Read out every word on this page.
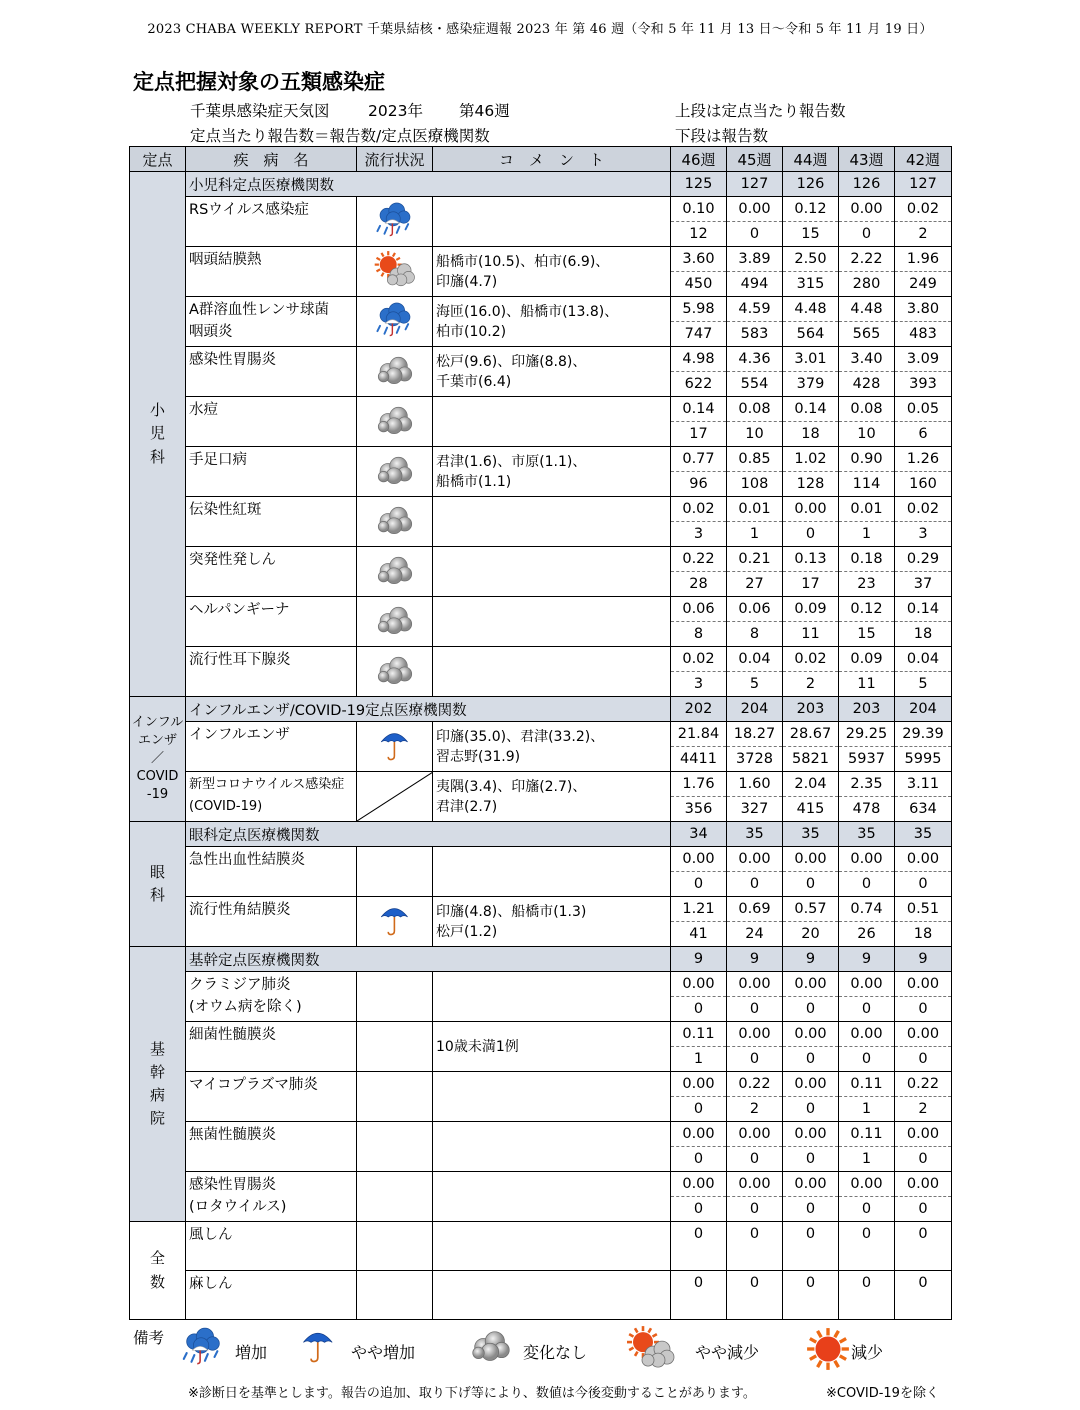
2023 CHABA WEEKLY REPORT 千葉県結核・感染症週報 2023 年 第 46 週（令和 5 年 11 月 13 日～令和 5 年 11 月 19 日）
定点把握対象の五類感染症
千葉県感染症天気図 2023年 第46週	上段は定点当たり報告数
定点当たり報告数＝報告数/定点医療機関数	下段は報告数
定点	疾　病　名	流行状況	コ　メ　ン　ト	46週	45週	44週	43週	42週
小
児
科	小児科定点医療機関数			125	127	126	126	127
	RSウイルス感染症			0.10	0.00	0.12	0.00	0.02
				12	0	15	0	2
	咽頭結膜熱		船橋市(10.5)、柏市(6.9)、
印旛(4.7)	3.60	3.89	2.50	2.22	1.96
				450	494	315	280	249
	A群溶血性レンサ球菌
咽頭炎		海匝(16.0)、船橋市(13.8)、
柏市(10.2)	5.98	4.59	4.48	4.48	3.80
				747	583	564	565	483
	感染性胃腸炎		松戸(9.6)、印旛(8.8)、
千葉市(6.4)	4.98	4.36	3.01	3.40	3.09
				622	554	379	428	393
	水痘			0.14	0.08	0.14	0.08	0.05
				17	10	18	10	6
	手足口病		君津(1.6)、市原(1.1)、
船橋市(1.1)	0.77	0.85	1.02	0.90	1.26
				96	108	128	114	160
	伝染性紅斑			0.02	0.01	0.00	0.01	0.02
				3	1	0	1	3
	突発性発しん			0.22	0.21	0.13	0.18	0.29
				28	27	17	23	37
	ヘルパンギーナ			0.06	0.06	0.09	0.12	0.14
				8	8	11	15	18
	流行性耳下腺炎			0.02	0.04	0.02	0.09	0.04
				3	5	2	11	5
インフル
エンザ
／
COVID
-19	インフルエンザ/COVID-19定点医療機関数			202	204	203	203	204
	インフルエンザ		印旛(35.0)、君津(33.2)、
習志野(31.9)	21.84	18.27	28.67	29.25	29.39
				4411	3728	5821	5937	5995
	新型コロナウイルス感染症
(COVID-19)		夷隅(3.4)、印旛(2.7)、
君津(2.7)	1.76	1.60	2.04	2.35	3.11
				356	327	415	478	634
眼
科	眼科定点医療機関数			34	35	35	35	35
	急性出血性結膜炎			0.00	0.00	0.00	0.00	0.00
				0	0	0	0	0
	流行性角結膜炎		印旛(4.8)、船橋市(1.3)
松戸(1.2)	1.21	0.69	0.57	0.74	0.51
				41	24	20	26	18
基
幹
病
院	基幹定点医療機関数			9	9	9	9	9
	クラミジア肺炎
(オウム病を除く)			0.00	0.00	0.00	0.00	0.00
				0	0	0	0	0
	細菌性髄膜炎		10歳未満1例	0.11	0.00	0.00	0.00	0.00
				1	0	0	0	0
	マイコプラズマ肺炎			0.00	0.22	0.00	0.11	0.22
				0	2	0	1	2
	無菌性髄膜炎			0.00	0.00	0.00	0.11	0.00
				0	0	0	1	0
	感染性胃腸炎
(ロタウイルス)			0.00	0.00	0.00	0.00	0.00
				0	0	0	0	0
全
数	風しん			0	0	0	0	0

	麻しん			0	0	0	0	0

備考
増加	やや増加	変化なし	やや減少	減少
※診断日を基準とします。報告の追加、取り下げ等により、数値は今後変動することがあります。	※COVID-19を除く
